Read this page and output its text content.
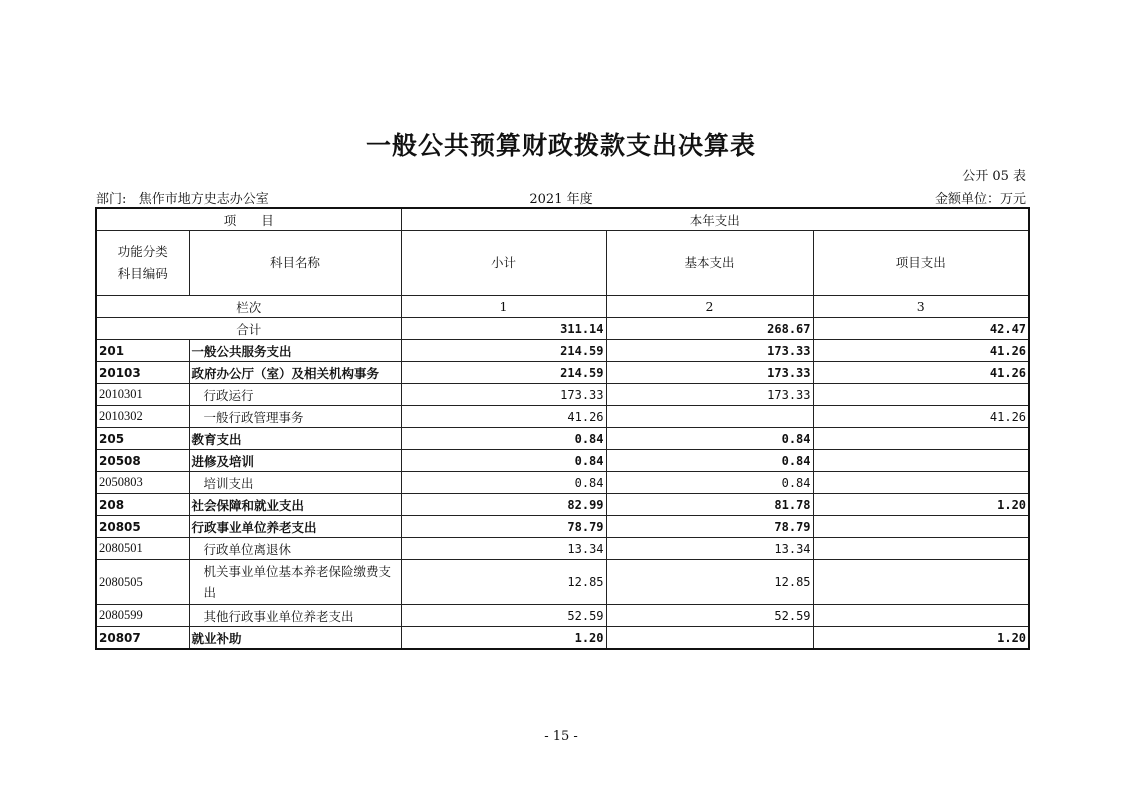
一般公共预算财政拨款支出决算表
公开 05 表
部门: 焦作市地方史志办公室	2021 年度	金额单位：万元
项　　目		本年支出		

功能分类
科目编码	科目名称	小计	基本支出	项目支出
栏次		1	2	3
合计		311.14	268.67	42.47
201	一般公共服务支出	214.59	173.33	41.26
20103	政府办公厅（室）及相关机构事务	214.59	173.33	41.26
2010301	行政运行	173.33	173.33	
2010302	一般行政管理事务	41.26		41.26
205	教育支出	0.84	0.84	
20508	进修及培训	0.84	0.84	
2050803	培训支出	0.84	0.84	
208	社会保障和就业支出	82.99	81.78	1.20
20805	行政事业单位养老支出	78.79	78.79	
2080501	行政单位离退休	13.34	13.34	
2080505	机关事业单位基本养老保险缴费支出	12.85	12.85	
2080599	其他行政事业单位养老支出	52.59	52.59	
20807	就业补助	1.20		1.20
- 15 -
